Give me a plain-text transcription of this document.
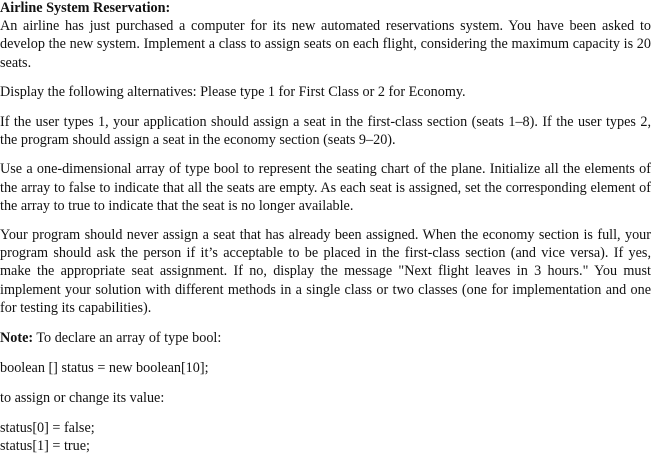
Airline System Reservation:

An airline has just purchased a computer for its new automated reservations system. You have been asked to develop the new system. Implement a class to assign seats on each flight, considering the maximum capacity is 20 seats.

Display the following alternatives: Please type 1 for First Class or 2 for Economy.

If the user types 1, your application should assign a seat in the first-class section (seats 1–8). If the user types 2, the program should assign a seat in the economy section (seats 9–20).

Use a one-dimensional array of type bool to represent the seating chart of the plane. Initialize all the elements of the array to false to indicate that all the seats are empty. As each seat is assigned, set the corresponding element of the array to true to indicate that the seat is no longer available.

Your program should never assign a seat that has already been assigned. When the economy section is full, your program should ask the person if it’s acceptable to be placed in the first-class section (and vice versa). If yes, make the appropriate seat assignment. If no, display the message "Next flight leaves in 3 hours." You must implement your solution with different methods in a single class or two classes (one for implementation and one for testing its capabilities).

Note: To declare an array of type bool:

boolean [] status = new boolean[10];
to assign or change its value:
status[0] = false;
status[1] = true;
